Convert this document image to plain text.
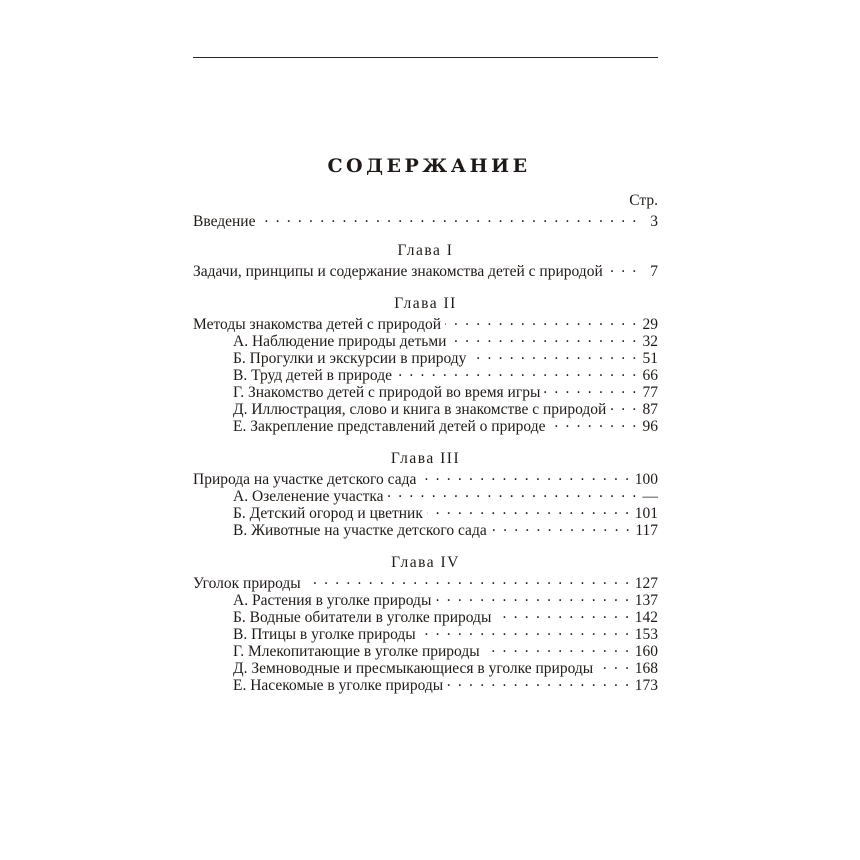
СОДЕРЖАНИЕ
Стр.
Введение . . .	3
Глава I
Задачи, принципы и содержание знакомства детей с природой . . .	7
Глава II
Методы знакомства детей с природой . . .	29
А. Наблюдение природы детьми . . .	32
Б. Прогулки и экскурсии в природу . . .	51
В. Труд детей в природе . . .	66
Г. Знакомство детей с природой во время игры . . .	77
Д. Иллюстрация, слово и книга в знакомстве с природой . . . 87
Е. Закрепление представлений детей о природе . . .	96
Глава III
Природа на участке детского сада . . .	100
А. Озеленение участка . . .	—
Б. Детский огород и цветник . . .	101
В. Животные на участке детского сада . . .	117
Глава IV
Уголок природы . . .	127
А. Растения в уголке природы . . .	137
Б. Водные обитатели в уголке природы . . .	142
В. Птицы в уголке природы . . .	153
Г. Млекопитающие в уголке природы . . .	160
Д. Земноводные и пресмыкающиеся в уголке природы . . .	168
Е. Насекомые в уголке природы . . .	173
